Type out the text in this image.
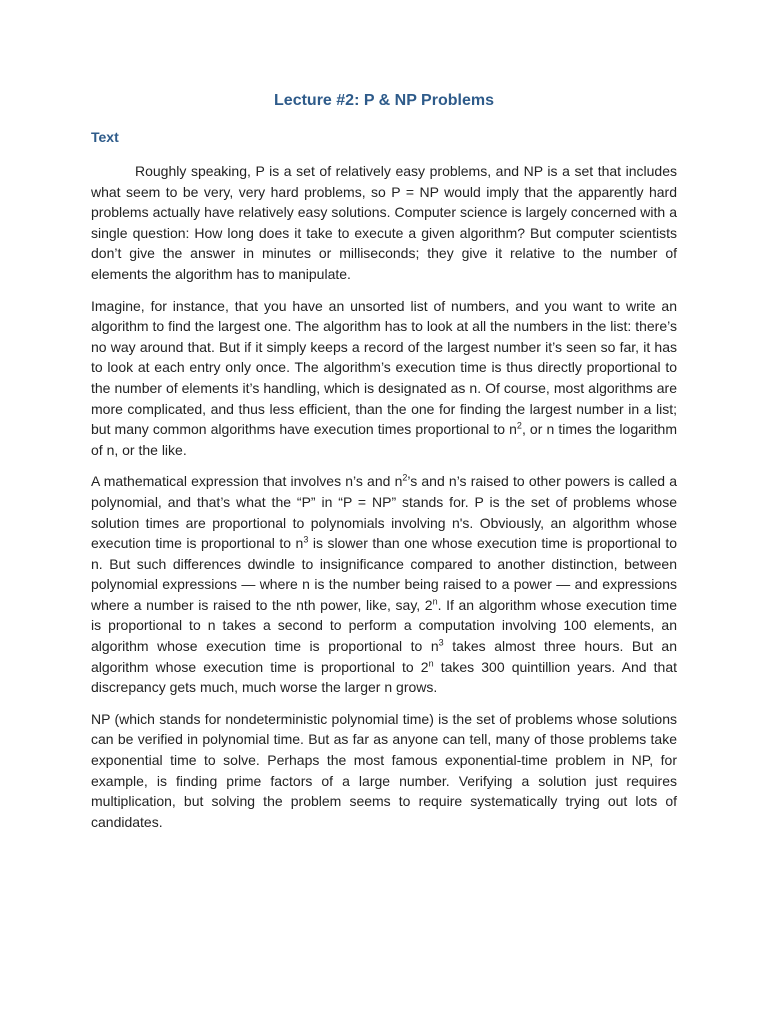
Lecture #2: P & NP Problems
Text

Roughly speaking, P is a set of relatively easy problems, and NP is a set that includes what seem to be very, very hard problems, so P = NP would imply that the apparently hard problems actually have relatively easy solutions. Computer science is largely concerned with a single question: How long does it take to execute a given algorithm? But computer scientists don’t give the answer in minutes or milliseconds; they give it relative to the number of elements the algorithm has to manipulate.

Imagine, for instance, that you have an unsorted list of numbers, and you want to write an algorithm to find the largest one. The algorithm has to look at all the numbers in the list: there’s no way around that. But if it simply keeps a record of the largest number it’s seen so far, it has to look at each entry only once. The algorithm’s execution time is thus directly proportional to the number of elements it’s handling, which is designated as n. Of course, most algorithms are more complicated, and thus less efficient, than the one for finding the largest number in a list; but many common algorithms have execution times proportional to $n^2$, or n times the logarithm of n, or the like.

A mathematical expression that involves n’s and $n^2’s$ and n’s raised to other powers is called a polynomial, and that’s what the “P” in “P = NP” stands for. P is the set of problems whose solution times are proportional to polynomials involving n's. Obviously, an algorithm whose execution time is proportional to $n^3$ is slower than one whose execution time is proportional to n. But such differences dwindle to insignificance compared to another distinction, between polynomial expressions — where n is the number being raised to a power — and expressions where a number is raised to the nth power, like, say, 2$^n$. If an algorithm whose execution time is proportional to n takes a second to perform a computation involving 100 elements, an algorithm whose execution time is proportional to $n^3$ takes almost three hours. But an algorithm whose execution time is proportional to 2$^n$ takes 300 quintillion years. And that discrepancy gets much, much worse the larger n grows.

NP (which stands for nondeterministic polynomial time) is the set of problems whose solutions can be verified in polynomial time. But as far as anyone can tell, many of those problems take exponential time to solve. Perhaps the most famous exponential-time problem in NP, for example, is finding prime factors of a large number. Verifying a solution just requires multiplication, but solving the problem seems to require systematically trying out lots of candidates.
